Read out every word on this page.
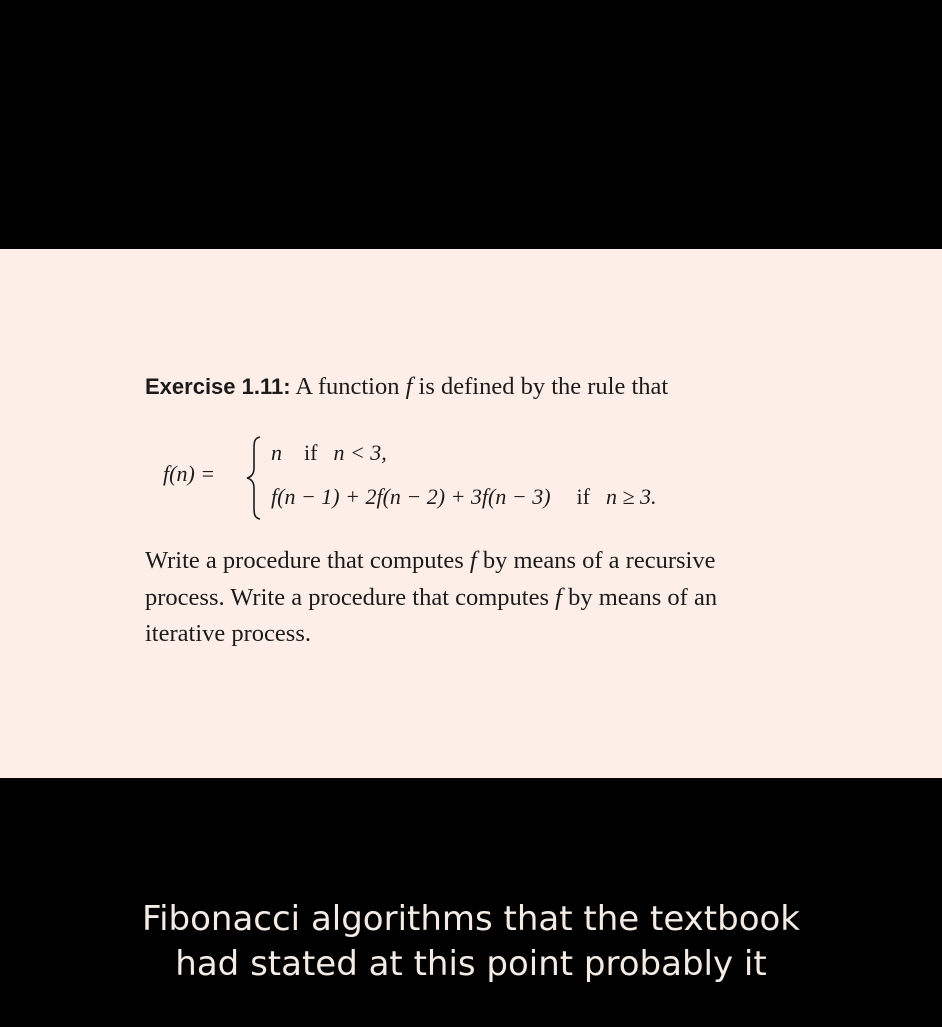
Exercise 1.11: A function f is defined by the rule that
f(n) =
n if n < 3,
f(n − 1) + 2f(n − 2) + 3f(n − 3) if n ≥ 3.
Write a procedure that computes f by means of a recursive
process. Write a procedure that computes f by means of an
iterative process.
Fibonacci algorithms that the textbook
had stated at this point probably it
